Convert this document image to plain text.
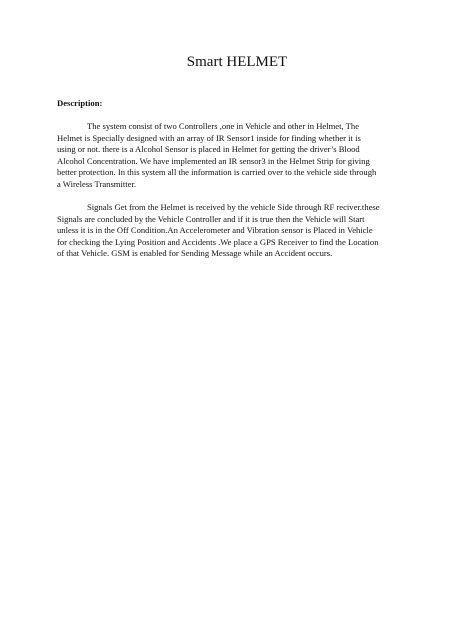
Smart HELMET
Description:

The system consist of two Controllers ,one in Vehicle and other in Helmet, The
Helmet is Specially designed with an array of IR Sensor1 inside for finding whether it is
using or not. there is a Alcohol Sensor is placed in Helmet for getting the driver’s Blood
Alcohol Concentration. We have implemented an IR sensor3 in the Helmet Strip for giving
better protection. In this system all the information is carried over to the vehicle side through
a Wireless Transmitter.

Signals Get from the Helmet is received by the vehicle Side through RF reciver.these
Signals are concluded by the Vehicle Controller and if it is true then the Vehicle will Start
unless it is in the Off Condition.An Accelerometer and Vibration sensor is Placed in Vehicle
for checking the Lying Position and Accidents .We place a GPS Receiver to find the Location
of that Vehicle. GSM is enabled for Sending Message while an Accident occurs.
